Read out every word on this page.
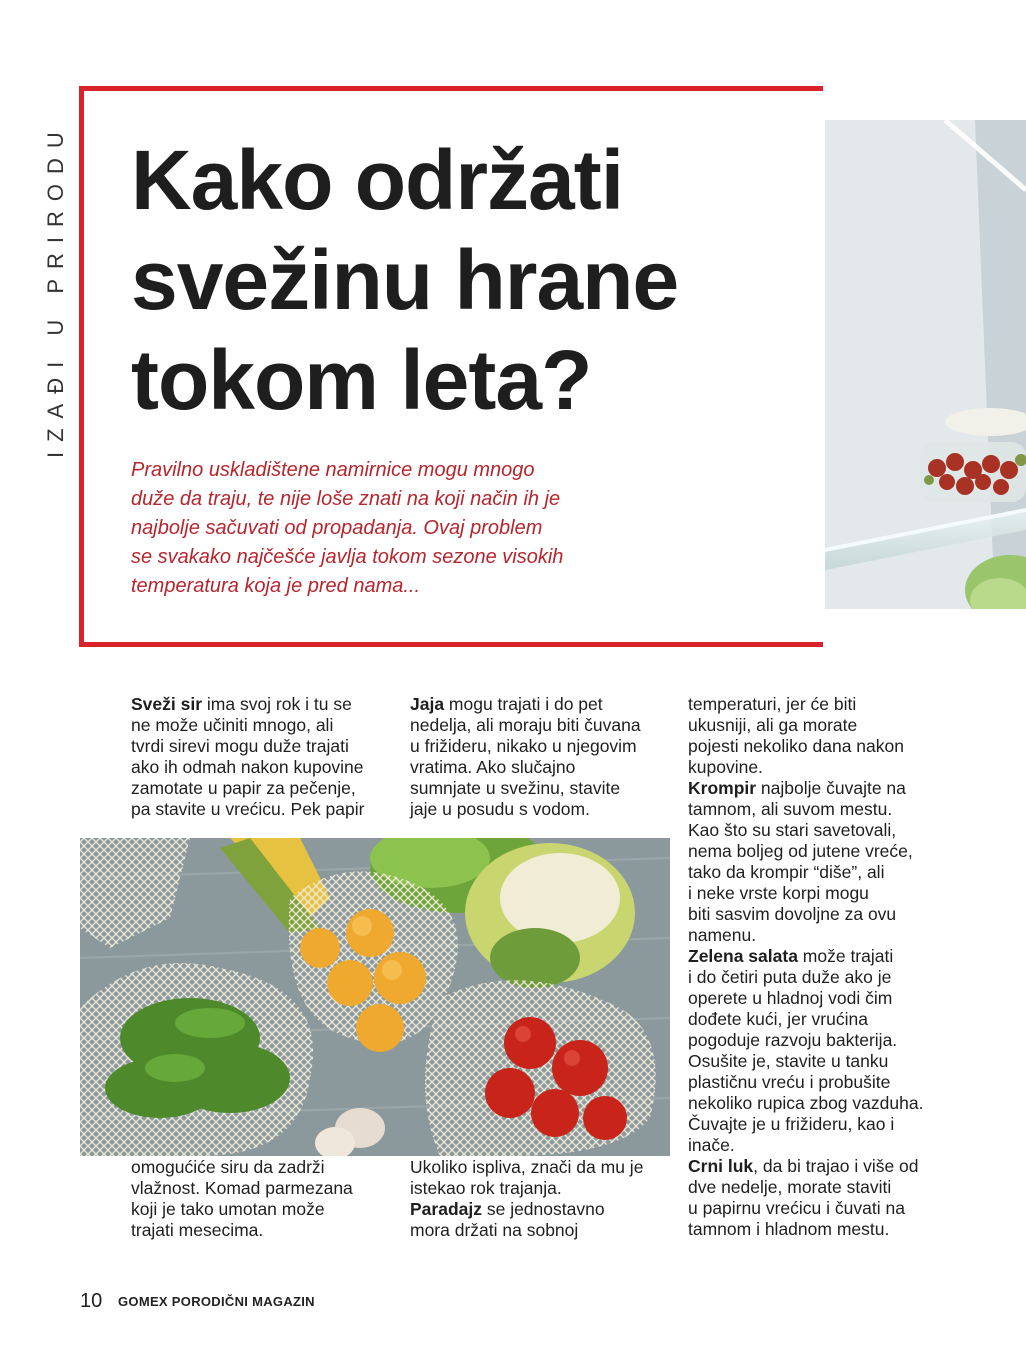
IZAĐI U PRIRODU Kako održati
svežinu hrane
tokom leta?

Pravilno uskladištene namirnice mogu mnogo
duže da traju, te nije loše znati na koji način ih je
najbolje sačuvati od propadanja. Ovaj problem
se svakako najčešće javlja tokom sezone visokih
temperatura koja je pred nama...

Sveži sir ima svoj rok i tu se

ne može učiniti mnogo, ali

tvrdi sirevi mogu duže trajati

ako ih odmah nakon kupovine

zamotate u papir za pečenje,

pa stavite u vrećicu. Pek papir

Jaja mogu trajati i do pet

nedelja, ali moraju biti čuvana

u frižideru, nikako u njegovim

vratima. Ako slučajno

sumnjate u svežinu, stavite

jaje u posudu s vodom.

temperaturi, jer će biti

ukusniji, ali ga morate

pojesti nekoliko dana nakon

kupovine.

Krompir najbolje čuvajte na

tamnom, ali suvom mestu.

Kao što su stari savetovali,

nema boljeg od jutene vreće,

tako da krompir “diše”, ali

i neke vrste korpi mogu

biti sasvim dovoljne za ovu

namenu.

Zelena salata može trajati

i do četiri puta duže ako je

operete u hladnoj vodi čim

dođete kući, jer vrućina

pogoduje razvoju bakterija.

Osušite je, stavite u tanku

plastičnu vreću i probušite

nekoliko rupica zbog vazduha.

Čuvajte je u frižideru, kao i

inače.

Crni luk, da bi trajao i više od

dve nedelje, morate staviti

u papirnu vrećicu i čuvati na

tamnom i hladnom mestu.

omogućiće siru da zadrži

vlažnost. Komad parmezana

koji je tako umotan može

trajati mesecima.

Ukoliko ispliva, znači da mu je

istekao rok trajanja.

Paradajz se jednostavno

mora držati na sobnoj

10 GOMEX PORODIČNI MAGAZIN
